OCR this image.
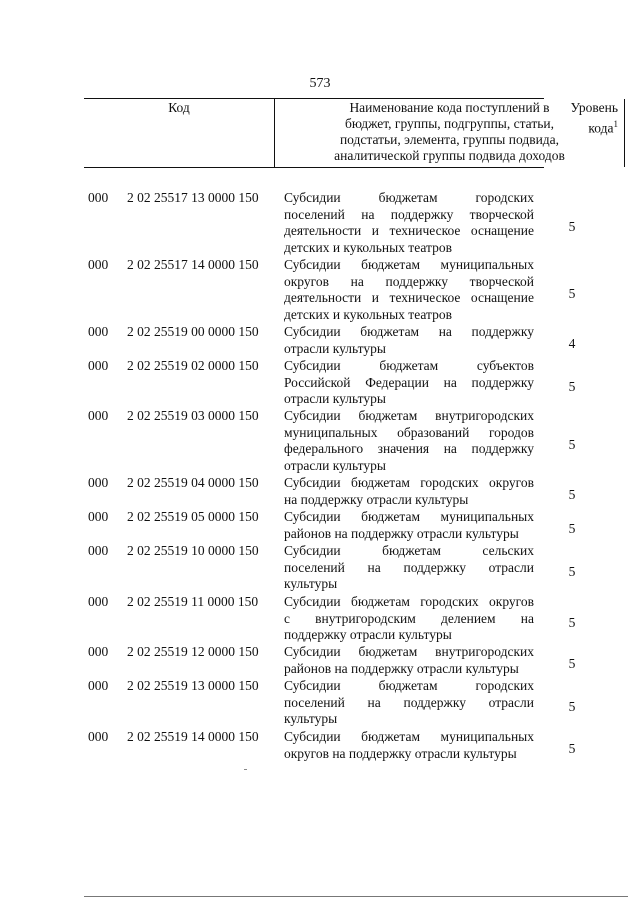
573
Код	Наименование кода поступлений в
бюджет, группы, подгруппы, статьи,
подстатьи, элемента, группы подвида,
аналитической группы подвида доходов
Уровень
кода$^1$
000 2 02 25517 13 0000 150 Субсидии бюджетам городских
поселений на поддержку творческой
деятельности и техническое оснащение
детских и кукольных театров
5
000 2 02 25517 14 0000 150 Субсидии бюджетам муниципальных
округов на поддержку творческой
деятельности и техническое оснащение
детских и кукольных театров
5
000 2 02 25519 00 0000 150 Субсидии бюджетам на поддержку
отрасли культуры	4
000 2 02 25519 02 0000 150 Субсидии бюджетам субъектов
Российской Федерации на поддержку
отрасли культуры
5
000 2 02 25519 03 0000 150 Субсидии бюджетам внутригородских
муниципальных образований городов
федерального значения на поддержку
отрасли культуры
5
000 2 02 25519 04 0000 150 Субсидии бюджетам городских округов
на поддержку отрасли культуры	5
000 2 02 25519 05 0000 150 Субсидии бюджетам муниципальных
районов на поддержку отрасли культуры	5
000 2 02 25519 10 0000 150 Субсидии бюджетам сельских
поселений на поддержку отрасли
культуры
5
000 2 02 25519 11 0000 150 Субсидии бюджетам городских округов
с внутригородским делением на
поддержку отрасли культуры
5
000 2 02 25519 12 0000 150 Субсидии бюджетам внутригородских
районов на поддержку отрасли культуры	5
000 2 02 25519 13 0000 150 Субсидии бюджетам городских
поселений на поддержку отрасли
культуры
5
000 2 02 25519 14 0000 150 Субсидии бюджетам муниципальных
округов на поддержку отрасли культуры	5
